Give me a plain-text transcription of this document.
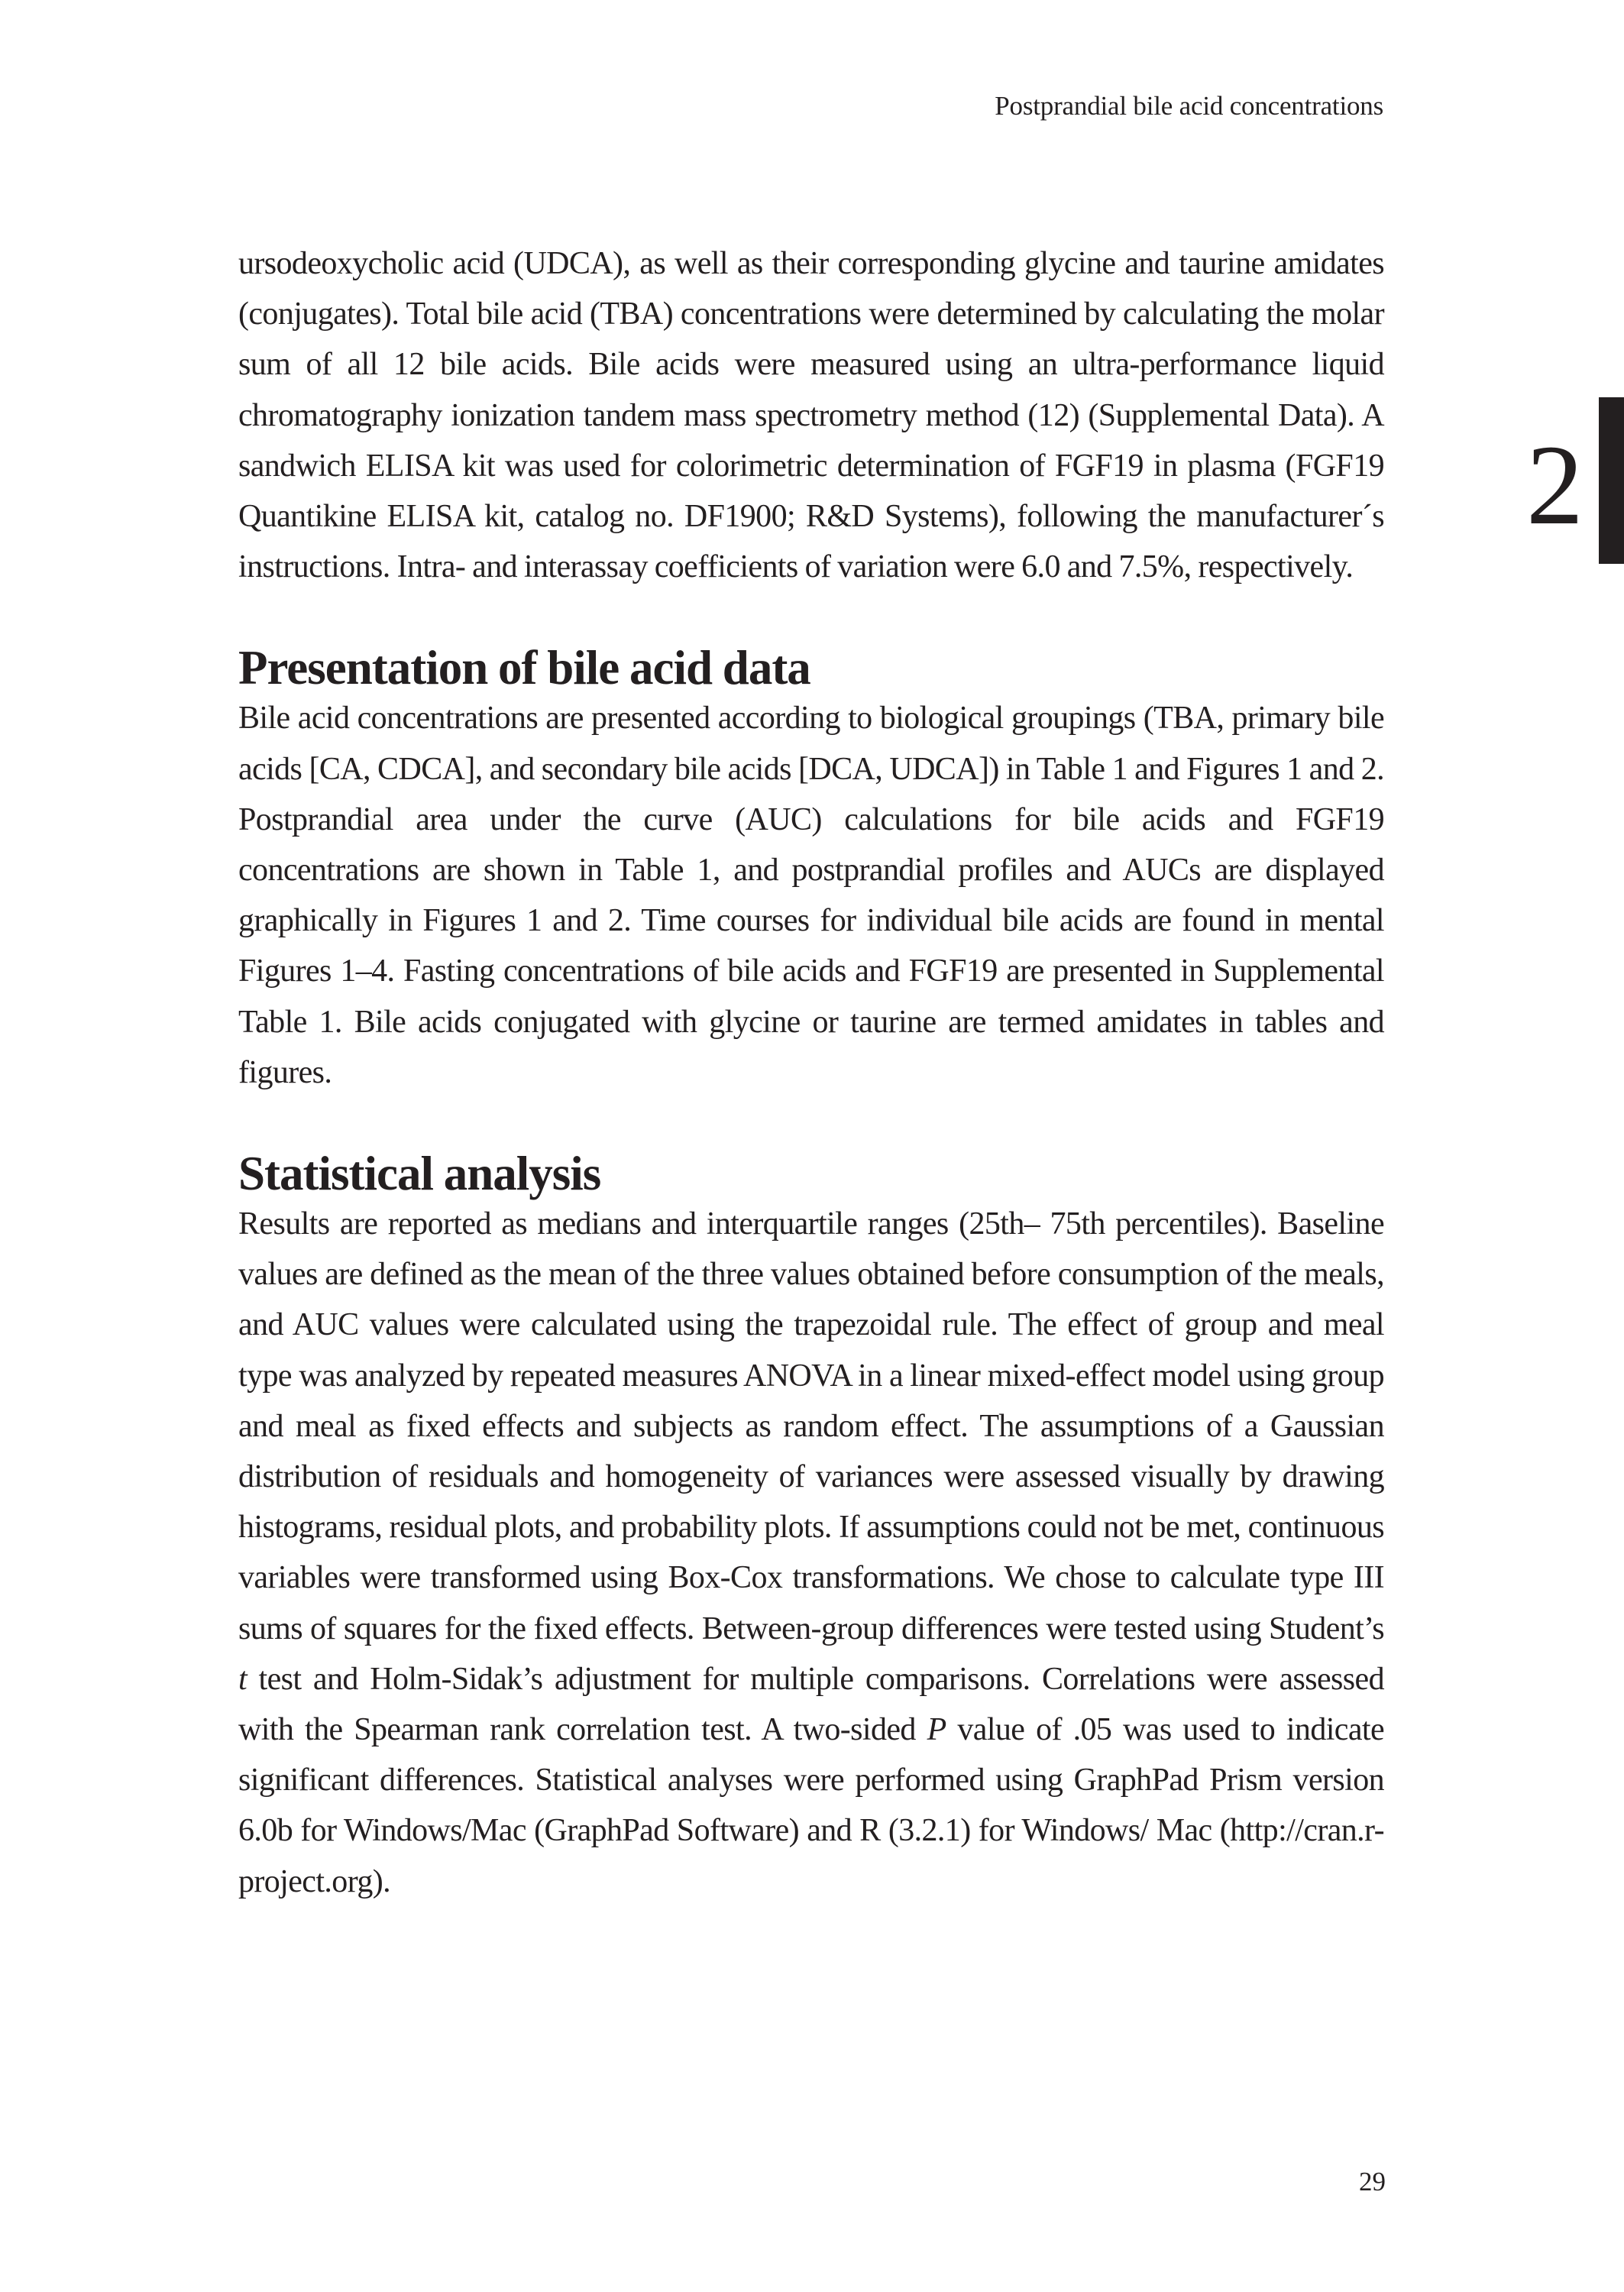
Postprandial bile acid concentrations
2

ursodeoxycholic acid (UDCA), as well as their corresponding glycine and taurine amidates (conjugates). Total bile acid (TBA) concentrations were determined by calculating the molar sum of all 12 bile acids. Bile acids were measured using an ultra-performance liquid chromatography ionization tandem mass spectrometry method (12) (Supplemental Data). A sandwich ELISA kit was used for colorimetric determination of FGF19 in plasma (FGF19 Quantikine ELISA kit, catalog no. DF1900; R&D Systems), following the manufacturer´s instructions. Intra- and interassay coefficients of variation were 6.0 and 7.5%, respectively.

Presentation of bile acid data

Bile acid concentrations are presented according to biological groupings (TBA, primary bile acids [CA, CDCA], and secondary bile acids [DCA, UDCA]) in Table 1 and Figures 1 and 2. Postprandial area under the curve (AUC) calculations for bile acids and FGF19 concentrations are shown in Table 1, and postprandial profiles and AUCs are displayed graphically in Figures 1 and 2. Time courses for individual bile acids are found in mental Figures 1–4. Fasting concentrations of bile acids and FGF19 are presented in Supplemental Table 1. Bile acids conjugated with glycine or taurine are termed amidates in tables and figures.

Statistical analysis

Results are reported as medians and interquartile ranges (25th– 75th percentiles). Baseline values are defined as the mean of the three values obtained before consumption of the meals, and AUC values were calculated using the trapezoidal rule. The effect of group and meal type was analyzed by repeated measures ANOVA in a linear mixed-effect model using group and meal as fixed effects and subjects as random effect. The assumptions of a Gaussian distribution of residuals and homogeneity of variances were assessed visually by drawing histograms, residual plots, and probability plots. If assumptions could not be met, continuous variables were transformed using Box-Cox transformations. We chose to calculate type III sums of squares for the fixed effects. Between-group differences were tested using Student’s t test and Holm-Sidak’s adjustment for multiple comparisons. Correlations were assessed with the Spearman rank correlation test. A two-sided P value of .05 was used to indicate significant differences. Statistical analyses were performed using GraphPad Prism version 6.0b for Windows/Mac (GraphPad Software) and R (3.2.1) for Windows/ Mac (http://cran.r-project.org).

29
